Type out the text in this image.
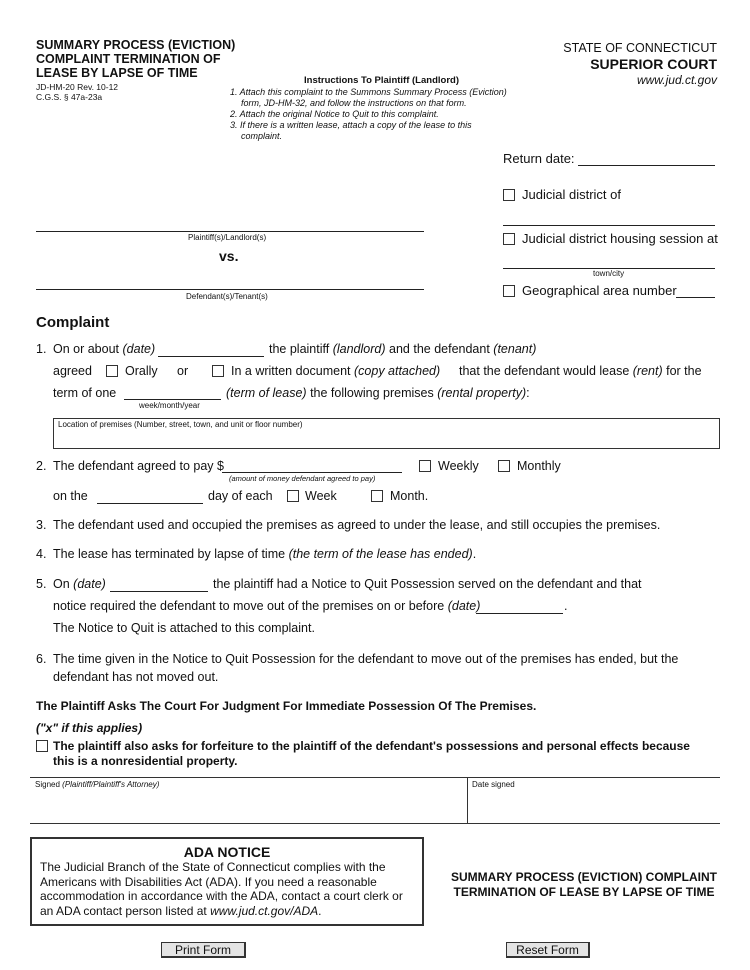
SUMMARY PROCESS (EVICTION)
COMPLAINT TERMINATION OF
LEASE BY LAPSE OF TIME
JD-HM-20 Rev. 10-12
C.G.S. § 47a-23a
Instructions To Plaintiff (Landlord)
1. Attach this complaint to the Summons Summary Process (Eviction)
form, JD-HM-32, and follow the instructions on that form.
2. Attach the original Notice to Quit to this complaint.
3. If there is a written lease, attach a copy of the lease to this
complaint.
STATE OF CONNECTICUT
SUPERIOR COURT
www.jud.ct.gov
Return date:
Judicial district of
Judicial district housing session at
town/city
Geographical area number
Plaintiff(s)/Landlord(s)
vs.
Defendant(s)/Tenant(s)
Complaint
1. On or about (date)	the plaintiff (landlord) and the defendant (tenant)
agreed	Orally or	In a written document (copy attached) that the defendant would lease (rent) for the
term of one
week/month/year
(term of lease) the following premises (rental property):
Location of premises (Number, street, town, and unit or floor number)
2. The defendant agreed to pay $
(amount of money defendant agreed to pay)
Weekly	Monthly
on the	day of each	Week	Month.
3. The defendant used and occupied the premises as agreed to under the lease, and still occupies the premises.
4. The lease has terminated by lapse of time (the term of the lease has ended).
5. On (date)	the plaintiff had a Notice to Quit Possession served on the defendant and that
notice required the defendant to move out of the premises on or before (date)	.
The Notice to Quit is attached to this complaint.
6. The time given in the Notice to Quit Possession for the defendant to move out of the premises has ended, but the
defendant has not moved out.
The Plaintiff Asks The Court For Judgment For Immediate Possession Of The Premises.
("x" if this applies)
The plaintiff also asks for forfeiture to the plaintiff of the defendant's possessions and personal effects because
this is a nonresidential property.
Signed (Plaintiff/Plaintiff's Attorney)	Date signed
ADA NOTICE
The Judicial Branch of the State of Connecticut complies with the
Americans with Disabilities Act (ADA). If you need a reasonable
accommodation in accordance with the ADA, contact a court clerk or
an ADA contact person listed at www.jud.ct.gov/ADA.
SUMMARY PROCESS (EVICTION) COMPLAINT
TERMINATION OF LEASE BY LAPSE OF TIME
Print Form	Reset Form
